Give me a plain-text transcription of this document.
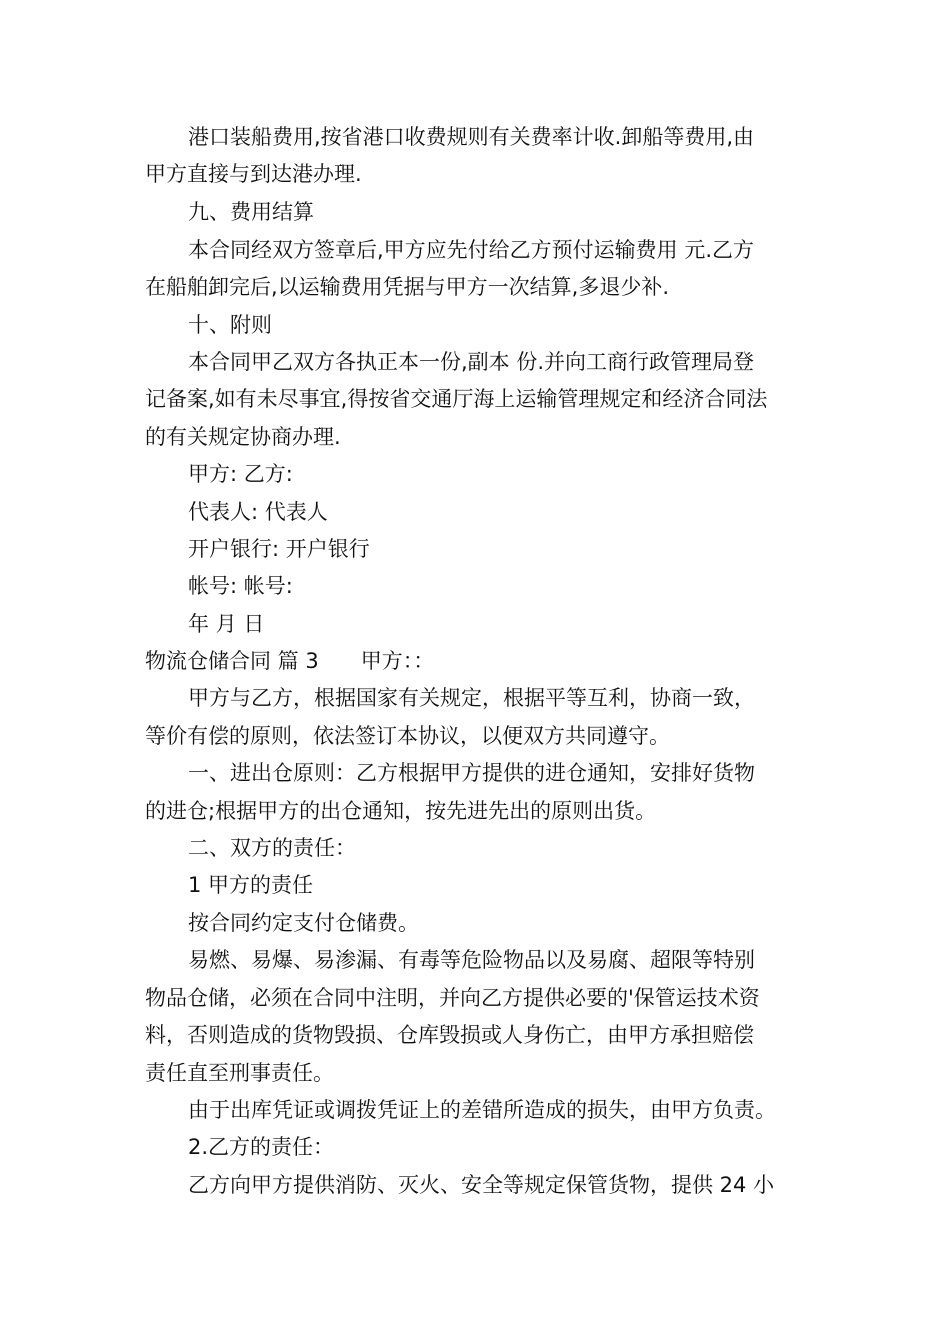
港口装船费用,按省港口收费规则有关费率计收.卸船等费用,由
甲方直接与到达港办理.
九、费用结算
本合同经双方签章后,甲方应先付给乙方预付运输费用 元.乙方
在船舶卸完后,以运输费用凭据与甲方一次结算,多退少补.
十、附则
本合同甲乙双方各执正本一份,副本 份.并向工商行政管理局登
记备案,如有未尽事宜,得按省交通厅海上运输管理规定和经济合同法
的有关规定协商办理.
甲方: 乙方:
代表人: 代表人
开户银行: 开户银行
帐号: 帐号:
年 月 日
物流仓储合同 篇 3　　甲方：：
甲方与乙方，根据国家有关规定，根据平等互利，协商一致，
等价有偿的原则，依法签订本协议，以便双方共同遵守。
一、进出仓原则：乙方根据甲方提供的进仓通知，安排好货物
的进仓;根据甲方的出仓通知，按先进先出的原则出货。
二、双方的责任：
1 甲方的责任
按合同约定支付仓储费。
易燃、易爆、易渗漏、有毒等危险物品以及易腐、超限等特别
物品仓储，必须在合同中注明，并向乙方提供必要的'保管运技术资
料，否则造成的货物毁损、仓库毁损或人身伤亡，由甲方承担赔偿
责任直至刑事责任。
由于出库凭证或调拨凭证上的差错所造成的损失，由甲方负责。
2.乙方的责任：
乙方向甲方提供消防、灭火、安全等规定保管货物，提供 24 小
